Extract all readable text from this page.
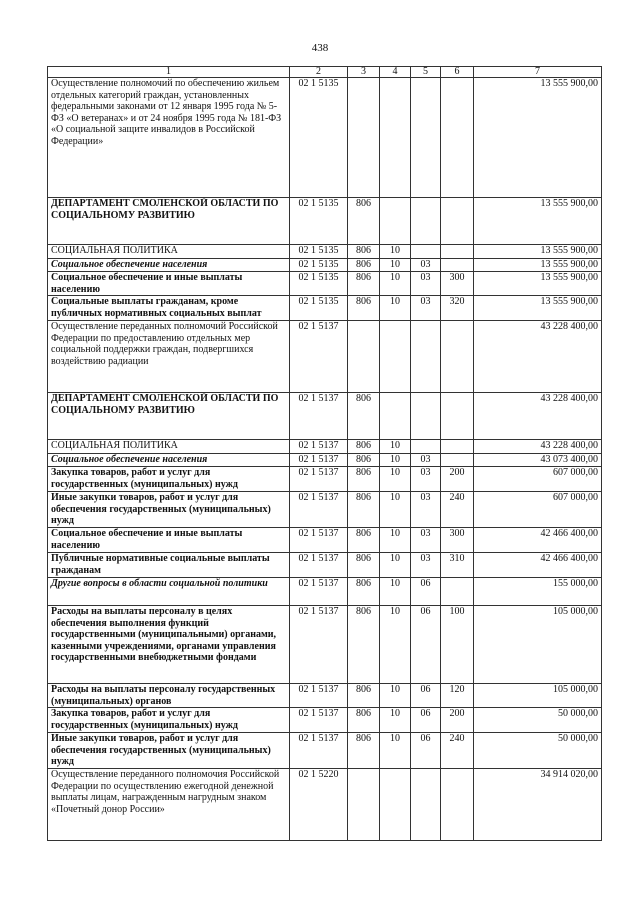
438
1	2	3	4	5	6	7
Осуществление полномочий по обеспечению жильем отдельных категорий граждан, установленных федеральными законами от 12 января 1995 года № 5-ФЗ «О ветеранах» и от 24 ноября 1995 года № 181-ФЗ «О социальной защите инвалидов в Российской Федерации»	02 1 5135					13 555 900,00
ДЕПАРТАМЕНТ СМОЛЕНСКОЙ ОБЛАСТИ ПО СОЦИАЛЬНОМУ РАЗВИТИЮ	02 1 5135	806				13 555 900,00
СОЦИАЛЬНАЯ ПОЛИТИКА	02 1 5135	806	10			13 555 900,00
Социальное обеспечение населения	02 1 5135	806	10	03		13 555 900,00
Социальное обеспечение и иные выплаты населению	02 1 5135	806	10	03	300	13 555 900,00
Социальные выплаты гражданам, кроме публичных нормативных социальных выплат	02 1 5135	806	10	03	320	13 555 900,00
Осуществление переданных полномочий Российской Федерации по предоставлению отдельных мер социальной поддержки граждан, подвергшихся воздействию радиации	02 1 5137					43 228 400,00
ДЕПАРТАМЕНТ СМОЛЕНСКОЙ ОБЛАСТИ ПО СОЦИАЛЬНОМУ РАЗВИТИЮ	02 1 5137	806				43 228 400,00
СОЦИАЛЬНАЯ ПОЛИТИКА	02 1 5137	806	10			43 228 400,00
Социальное обеспечение населения	02 1 5137	806	10	03		43 073 400,00
Закупка товаров, работ и услуг для государственных (муниципальных) нужд	02 1 5137	806	10	03	200	607 000,00
Иные закупки товаров, работ и услуг для обеспечения государственных (муниципальных) нужд	02 1 5137	806	10	03	240	607 000,00
Социальное обеспечение и иные выплаты населению	02 1 5137	806	10	03	300	42 466 400,00
Публичные нормативные социальные выплаты гражданам	02 1 5137	806	10	03	310	42 466 400,00
Другие вопросы в области социальной политики	02 1 5137	806	10	06		155 000,00
Расходы на выплаты персоналу в целях обеспечения выполнения функций государственными (муниципальными) органами, казенными учреждениями, органами управления государственными внебюджетными фондами	02 1 5137	806	10	06	100	105 000,00
Расходы на выплаты персоналу государственных (муниципальных) органов	02 1 5137	806	10	06	120	105 000,00
Закупка товаров, работ и услуг для государственных (муниципальных) нужд	02 1 5137	806	10	06	200	50 000,00
Иные закупки товаров, работ и услуг для обеспечения государственных (муниципальных) нужд	02 1 5137	806	10	06	240	50 000,00
Осуществление переданного полномочия Российской Федерации по осуществлению ежегодной денежной выплаты лицам, награжденным нагрудным знаком «Почетный донор России»	02 1 5220					34 914 020,00
